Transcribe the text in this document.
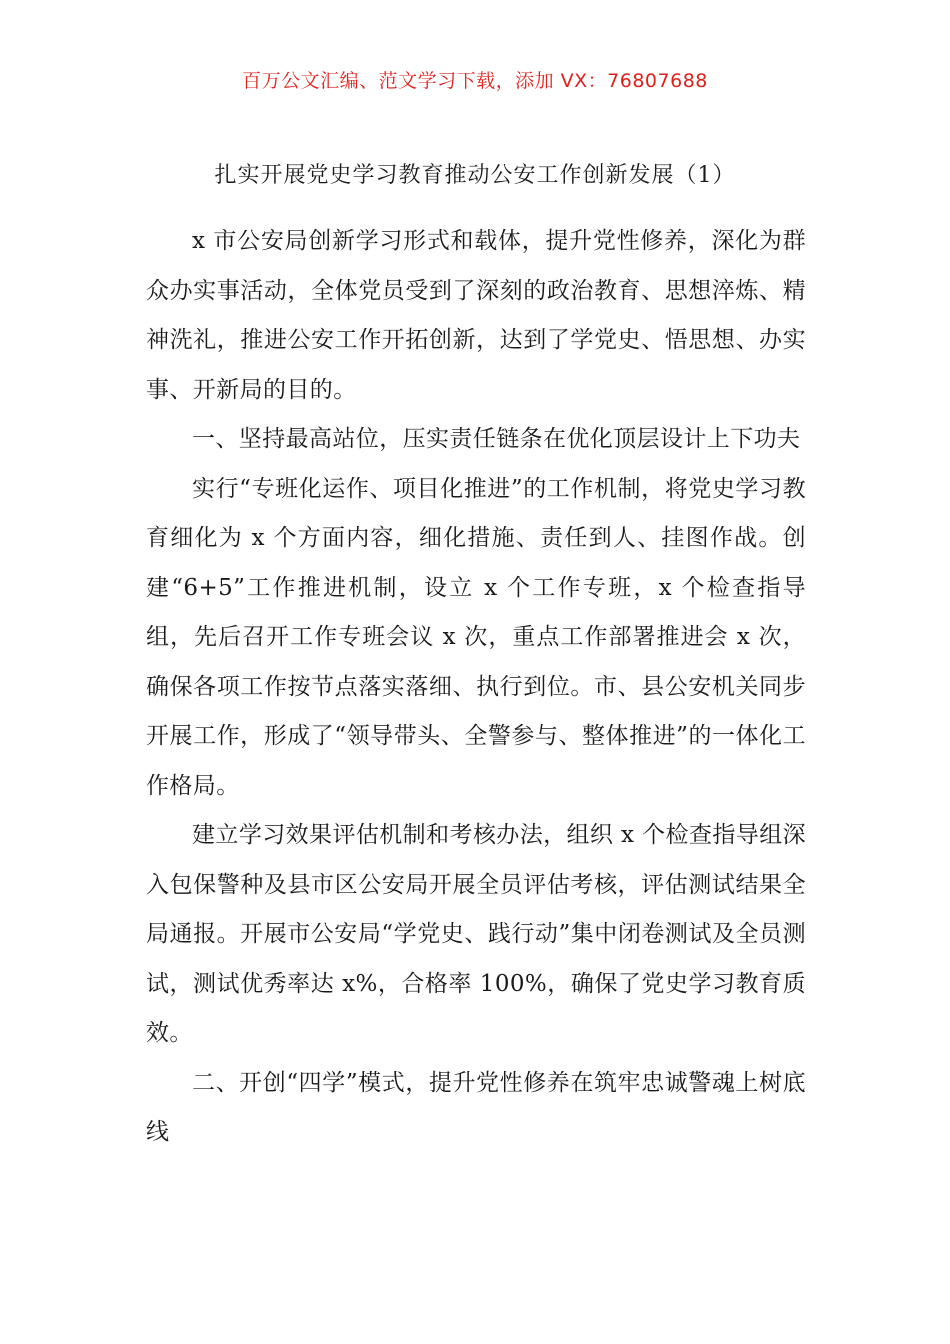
百万公文汇编、范文学习下载，添加 VX：76807688
扎实开展党史学习教育推动公安工作创新发展（1）

x 市公安局创新学习形式和载体，提升党性修养，深化为群众办实事活动，全体党员受到了深刻的政治教育、思想淬炼、精神洗礼，推进公安工作开拓创新，达到了学党史、悟思想、办实事、开新局的目的。

一、坚持最高站位，压实责任链条在优化顶层设计上下功夫

实行“专班化运作、项目化推进”的工作机制，将党史学习教育细化为 x 个方面内容，细化措施、责任到人、挂图作战。创建“6+5”工作推进机制，设立 x 个工作专班，x 个检查指导组，先后召开工作专班会议 x 次，重点工作部署推进会 x 次，确保各项工作按节点落实落细、执行到位。市、县公安机关同步开展工作，形成了“领导带头、全警参与、整体推进”的一体化工作格局。

建立学习效果评估机制和考核办法，组织 x 个检查指导组深入包保警种及县市区公安局开展全员评估考核，评估测试结果全局通报。开展市公安局“学党史、践行动”集中闭卷测试及全员测试，测试优秀率达 x%，合格率 100%，确保了党史学习教育质效。

二、开创“四学”模式，提升党性修养在筑牢忠诚警魂上树底线
